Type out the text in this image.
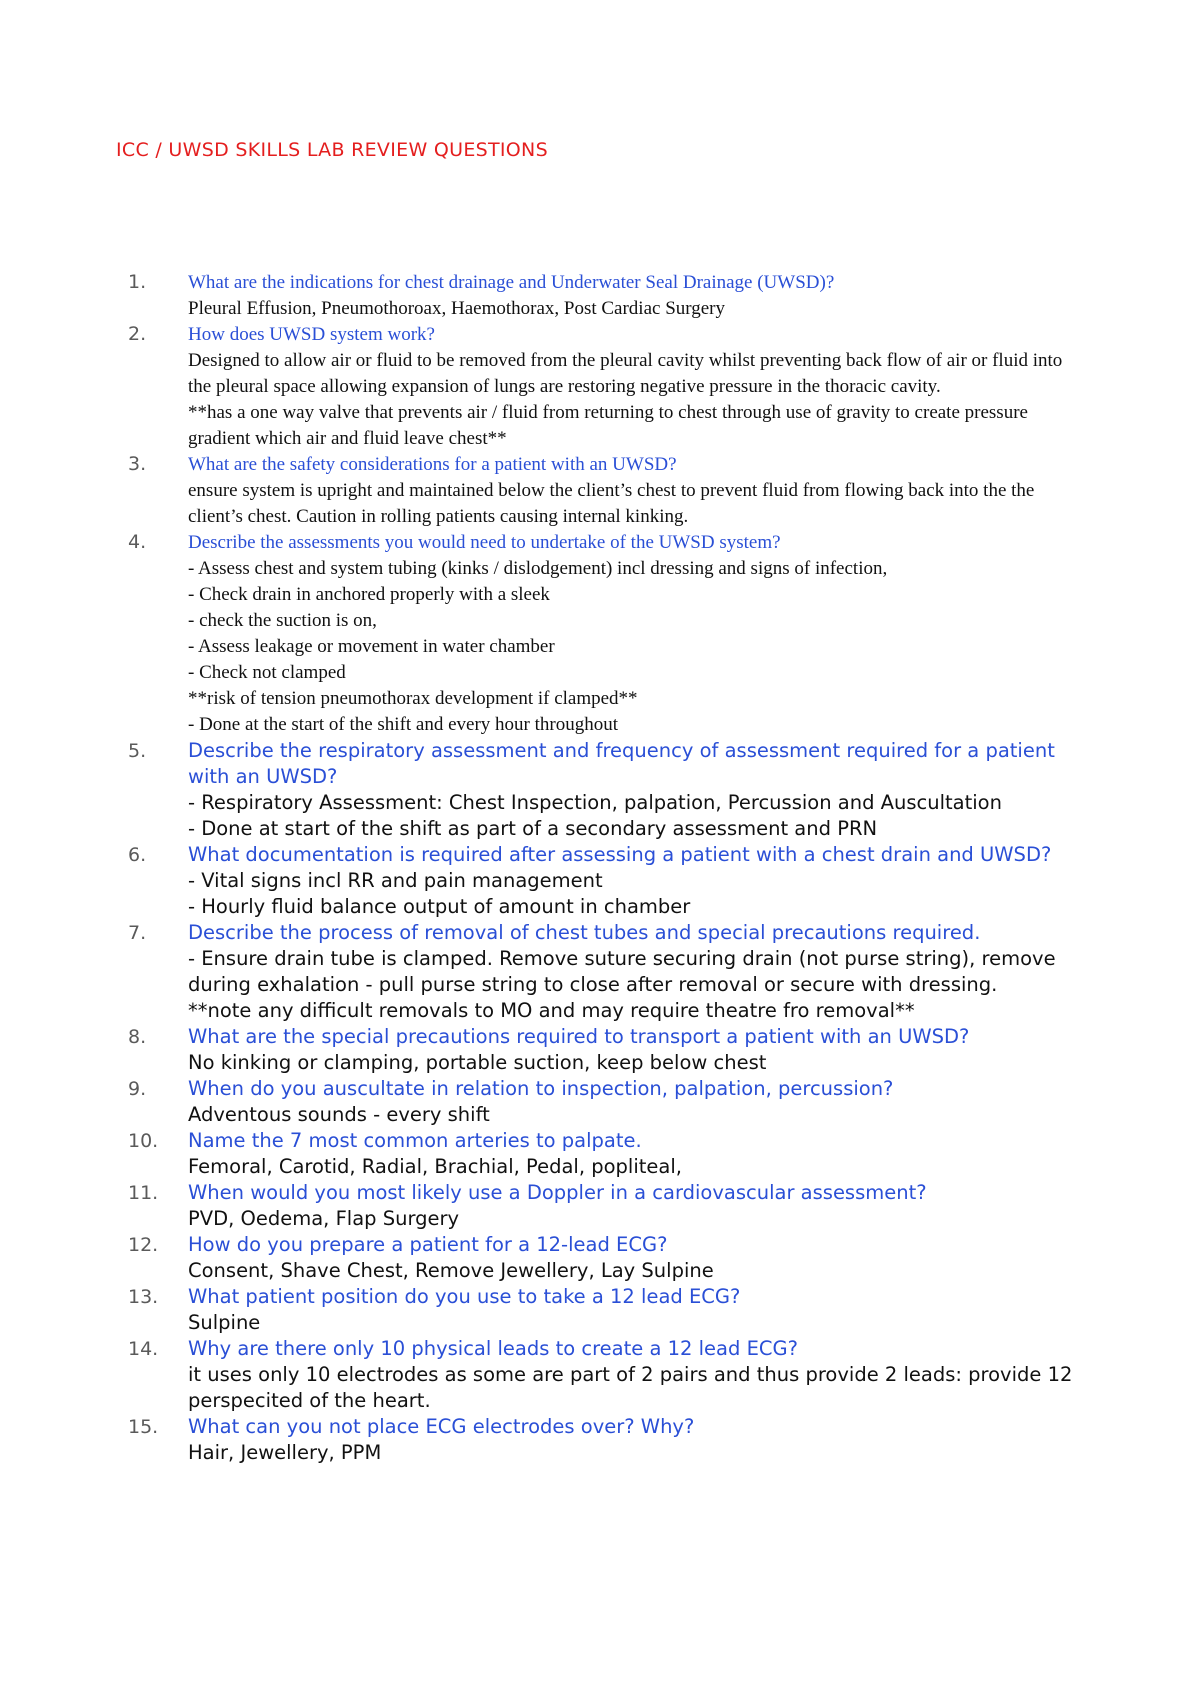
ICC / UWSD SKILLS LAB REVIEW QUESTIONS
1.	What are the indications for chest drainage and Underwater Seal Drainage (UWSD)?

Pleural Effusion, Pneumothoroax, Haemothorax, Post Cardiac Surgery

2.	How does UWSD system work?

Designed to allow air or fluid to be removed from the pleural cavity whilst preventing back flow of air or fluid into the pleural space allowing expansion of lungs are restoring negative pressure in the thoracic cavity.

**has a one way valve that prevents air / fluid from returning to chest through use of gravity to create pressure gradient which air and fluid leave chest**

3.	What are the safety considerations for a patient with an UWSD?

ensure system is upright and maintained below the client’s chest to prevent fluid from flowing back into the the client’s chest. Caution in rolling patients causing internal kinking.

4.	Describe the assessments you would need to undertake of the UWSD system?

- Assess chest and system tubing (kinks / dislodgement) incl dressing and signs of infection,

- Check drain in anchored properly with a sleek

- check the suction is on,

- Assess leakage or movement in water chamber

- Check not clamped

**risk of tension pneumothorax development if clamped**

- Done at the start of the shift and every hour throughout

5.	Describe the respiratory assessment and frequency of assessment required for a patient with an UWSD?

- Respiratory Assessment: Chest Inspection, palpation, Percussion and Auscultation

- Done at start of the shift as part of a secondary assessment and PRN

6.	What documentation is required after assessing a patient with a chest drain and UWSD?

- Vital signs incl RR and pain management

- Hourly fluid balance output of amount in chamber

7.	Describe the process of removal of chest tubes and special precautions required.

- Ensure drain tube is clamped. Remove suture securing drain (not purse string), remove during exhalation - pull purse string to close after removal or secure with dressing.

**note any difficult removals to MO and may require theatre fro removal**

8.	What are the special precautions required to transport a patient with an UWSD?

No kinking or clamping, portable suction, keep below chest

9.	When do you auscultate in relation to inspection, palpation, percussion?

Adventous sounds - every shift

10.	Name the 7 most common arteries to palpate.

Femoral, Carotid, Radial, Brachial, Pedal, popliteal,

11.	When would you most likely use a Doppler in a cardiovascular assessment?

PVD, Oedema, Flap Surgery

12.	How do you prepare a patient for a 12-lead ECG?

Consent, Shave Chest, Remove Jewellery, Lay Sulpine

13.	What patient position do you use to take a 12 lead ECG?

Sulpine

14.	Why are there only 10 physical leads to create a 12 lead ECG?

it uses only 10 electrodes as some are part of 2 pairs and thus provide 2 leads: provide 12 perspecited of the heart.

15.	What can you not place ECG electrodes over? Why?

Hair, Jewellery, PPM
